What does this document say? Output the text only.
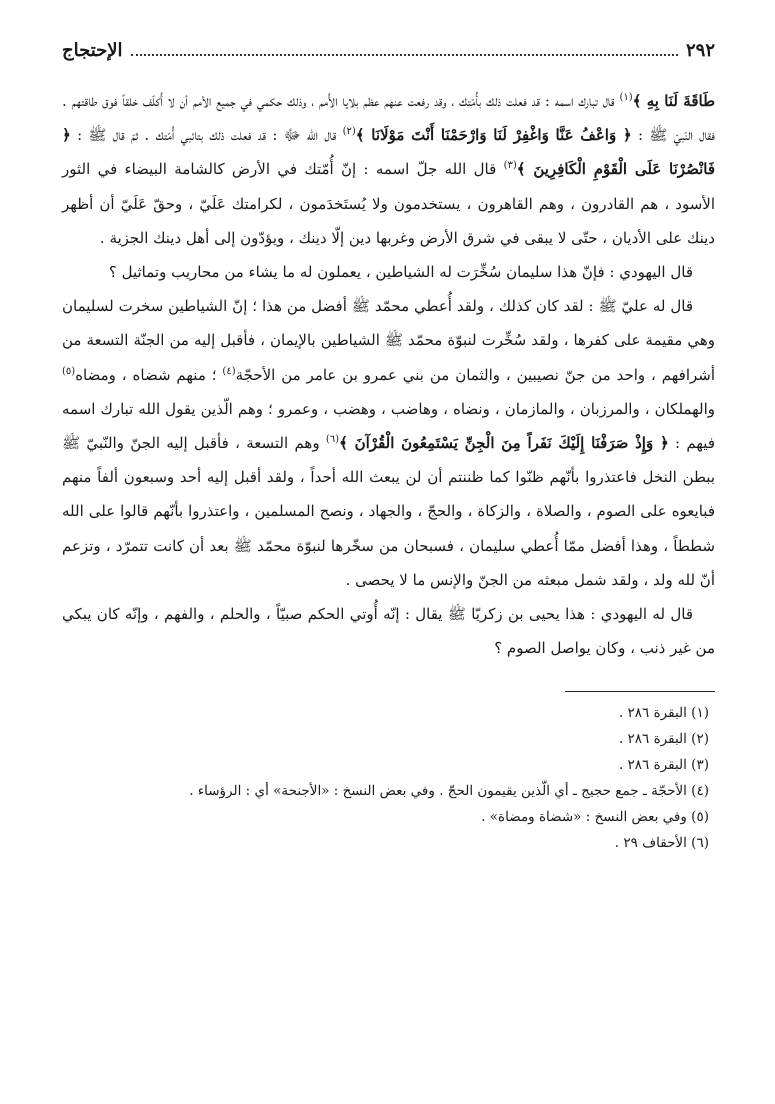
٢٩٢
الإحتجاج

طَاقَةَ لَنَا بِهِ ﴾$^{(١)}$ قال تبارك اسمه : قد فعلت ذلك بأُمّتك ، وقد رفعت عنهم عظم بلايا الأُمم ، وذلك حكمي في جميع الأمم أن لا أُكلّف خلقاً فوق طاقتهم . فقال النّبيّ ﷺ : ﴿ وَاعْفُ عَنَّا وَاغْفِرْ لَنَا وَارْحَمْنَا أَنْتَ مَوْلَانَا ﴾$^{(٢)}$ قال الله ﷻ : قد فعلت ذلك بتائبي أُمّتك . ثمّ قال ﷺ : ﴿ فَانْصُرْنَا عَلَى الْقَوْمِ الْكَافِرِينَ ﴾$^{(٣)}$ قال الله جلّ اسمه : إنّ أُمّتك في الأرض كالشامة البيضاء في الثور الأسود ، هم القادرون ، وهم القاهرون ، يستخدمون ولا يُستَخدَمون ، لكرامتك عَلَيّ ، وحقّ عَلَيّ أن أظهر دينك على الأديان ، حتّى لا يبقى في شرق الأرض وغربها دين إلّا دينك ، ويؤدّون إلى أهل دينك الجزية .

قال اليهودي : فإنّ هذا سليمان سُخِّرَت له الشياطين ، يعملون له ما يشاء من محاريب وتماثيل ؟

قال له عليّ ﷺ : لقد كان كذلك ، ولقد أُعطي محمّد ﷺ أفضل من هذا ؛ إنّ الشياطين سخرت لسليمان وهي مقيمة على كفرها ، ولقد سُخِّرت لنبوّة محمّد ﷺ الشياطين بالإيمان ، فأقبل إليه من الجنّة التسعة من أشرافهم ، واحد من جنّ نصيبين ، والثمان من بني عمرو بن عامر من الأحجّة$^{(٤)}$ ؛ منهم شضاه ، ومضاه$^{(٥)}$ والهملكان ، والمرزبان ، والمازمان ، ونضاه ، وهاضب ، وهضب ، وعمرو ؛ وهم الّذين يقول الله تبارك اسمه فيهم : ﴿ وَإِذْ صَرَفْنَا إِلَيْكَ نَفَراً مِنَ الْجِنِّ يَسْتَمِعُونَ الْقُرْآنَ ﴾$^{(٦)}$ وهم التسعة ، فأقبل إليه الجنّ والنّبيّ ﷺ ببطن النخل فاعتذروا بأنّهم ظنّوا كما ظننتم أن لن يبعث الله أحداً ، ولقد أقبل إليه أحد وسبعون ألفاً منهم فبايعوه على الصوم ، والصلاة ، والزكاة ، والحجّ ، والجهاد ، ونصح المسلمين ، واعتذروا بأنّهم قالوا على الله شططاً ، وهذا أفضل ممّا أُعطي سليمان ، فسبحان من سخّرها لنبوّة محمّد ﷺ بعد أن كانت تتمرّد ، وتزعم أنّ لله ولد ، ولقد شمل مبعثه من الجنّ والإنس ما لا يحصى .

قال له اليهودي : هذا يحيى بن زكريّا ﷺ يقال : إنّه أُوتي الحكم صبيّاً ، والحلم ، والفهم ، وإنّه كان يبكي من غير ذنب ، وكان يواصل الصوم ؟

(١) البقرة ٢٨٦ .
(٢) البقرة ٢٨٦ .
(٣) البقرة ٢٨٦ .
(٤) الأحجّة ـ جمع حجيج ـ أي الّذين يقيمون الحجّ . وفي بعض النسخ : «الأجنحة» أي : الرؤساء .
(٥) وفي بعض النسخ : «شضاة ومضاة» .
(٦) الأحقاف ٢٩ .
